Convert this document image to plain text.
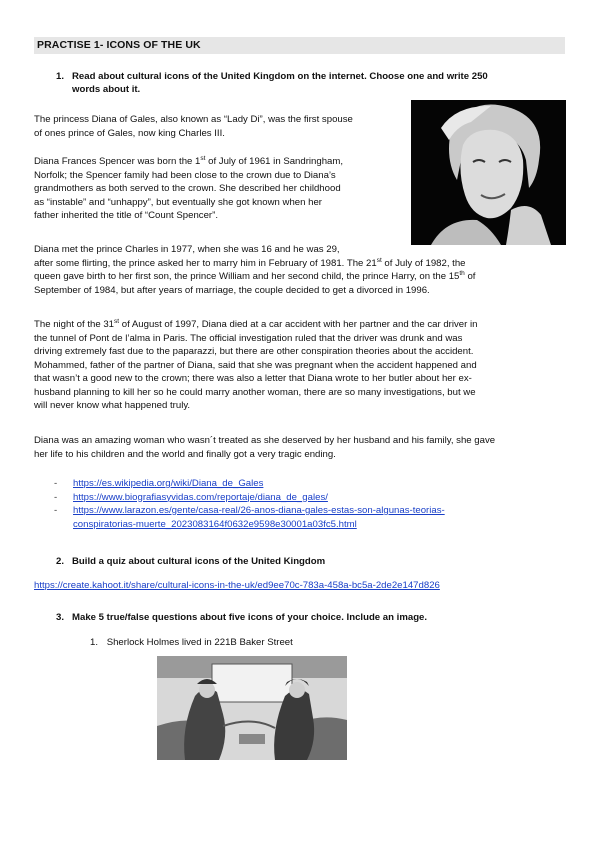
PRACTISE 1- ICONS OF THE UK
1. Read about cultural icons of the United Kingdom on the internet. Choose one and write 250
words about it.

The princess Diana of Gales, also known as “Lady Di”, was the first spouse

of ones prince of Gales, now king Charles III.

Diana Frances Spencer was born the 1st of July of 1961 in Sandringham,

Norfolk; the Spencer family had been close to the crown due to Diana’s

grandmothers as both served to the crown. She described her childhood

as “instable” and “unhappy”, but eventually she got known when her

father inherited the title of “Count Spencer”.

Diana met the prince Charles in 1977, when she was 16 and he was 29,

after some flirting, the prince asked her to marry him in February of 1981. The 21st of July of 1982, the

queen gave birth to her first son, the prince William and her second child, the prince Harry, on the 15th of

September of 1984, but after years of marriage, the couple decided to get a divorced in 1996.

The night of the 31st of August of 1997, Diana died at a car accident with her partner and the car driver in

the tunnel of Pont de l’alma in Paris. The official investigation ruled that the driver was drunk and was

driving extremely fast due to the paparazzi, but there are other conspiration theories about the accident.

Mohammed, father of the partner of Diana, said that she was pregnant when the accident happened and

that wasn’t a good new to the crown; there was also a letter that Diana wrote to her butler about her ex-

husband planning to kill her so he could marry another woman, there are so many investigations, but we

will never know what happened truly.

Diana was an amazing woman who wasn´t treated as she deserved by her husband and his family, she gave

her life to his children and the world and finally got a very tragic ending.

- https://es.wikipedia.org/wiki/Diana_de_Gales
- https://www.biografiasyvidas.com/reportaje/diana_de_gales/
- https://www.larazon.es/gente/casa-real/26-anos-diana-gales-estas-son-algunas-teorias-
conspiratorias-muerte_2023083164f0632e9598e30001a03fc5.html
2. Build a quiz about cultural icons of the United Kingdom
https://create.kahoot.it/share/cultural-icons-in-the-uk/ed9ee70c-783a-458a-bc5a-2de2e147d826
3. Make 5 true/false questions about five icons of your choice. Include an image.
1. Sherlock Holmes lived in 221B Baker Street
